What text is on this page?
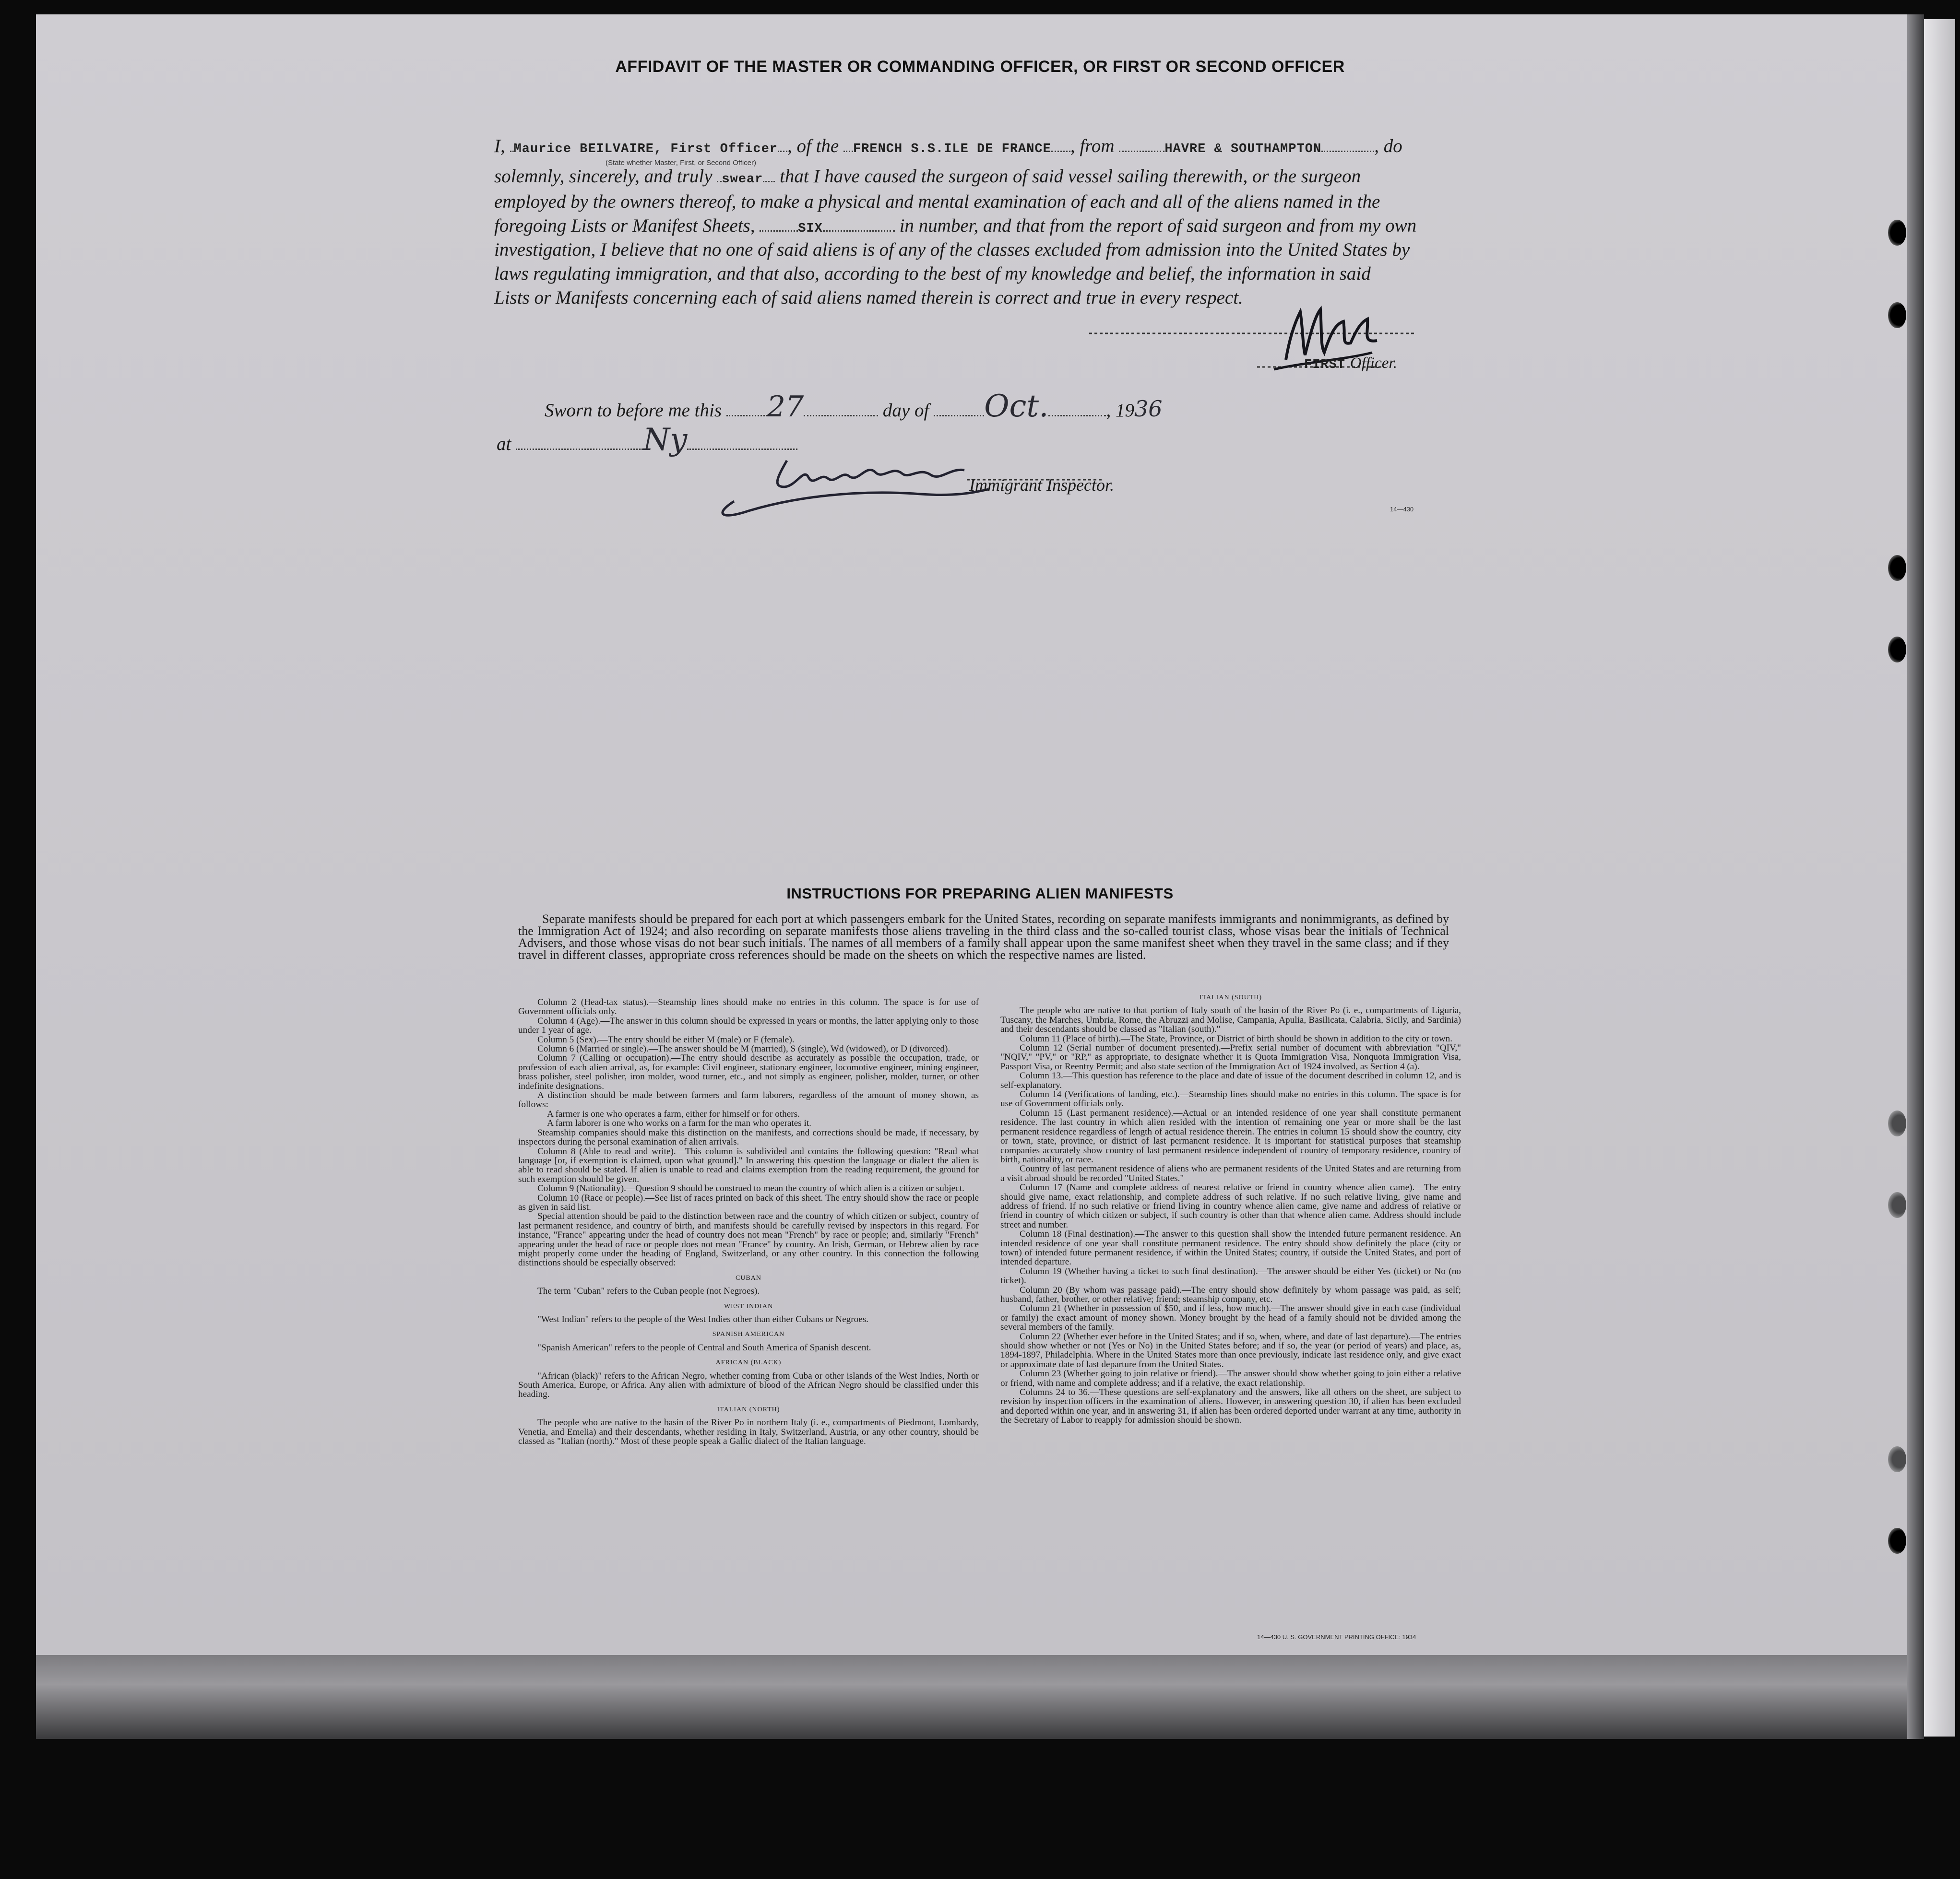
AFFIDAVIT OF THE MASTER OR COMMANDING OFFICER, OR FIRST OR SECOND OFFICER
I, Maurice BEILVAIRE, First Officer , of the FRENCH S.S.ILE DE FRANCE , from	HAVRE & SOUTHAMPTON	, do
(State whether Master, First, or Second Officer)
solemnly, sincerely, and truly swear that I have caused the surgeon of said vessel sailing therewith, or the surgeon
employed by the owners thereof, to make a physical and mental examination of each and all of the aliens named in the
foregoing Lists or Manifest Sheets,	SIX	in number, and that from the report of said surgeon and from my own
investigation, I believe that no one of said aliens is of any of the classes excluded from admission into the United States by
laws regulating immigration, and that also, according to the best of my knowledge and belief, the information in said
Lists or Manifests concerning each of said aliens named therein is correct and true in every respect.
FIRST Officer.
Sworn to before me this 27	day of Oct.	, 1936
at	Ny
Immigrant Inspector.
14—430
INSTRUCTIONS FOR PREPARING ALIEN MANIFESTS
Separate manifests should be prepared for each port at which passengers embark for the United States, recording on separate manifests immigrants and nonimmigrants, as defined by the Immigration Act of 1924; and also recording on separate manifests those aliens traveling in the third class and the so-called tourist class, whose visas bear the initials of Technical Advisers, and those whose visas do not bear such initials. The names of all members of a family shall appear upon the same manifest sheet when they travel in the same class; and if they travel in different classes, appropriate cross references should be made on the sheets on which the respective names are listed.

Column 2 (Head-tax status).—Steamship lines should make no entries in this column. The space is for use of Government officials only.

Column 4 (Age).—The answer in this column should be expressed in years or months, the latter applying only to those under 1 year of age.

Column 5 (Sex).—The entry should be either M (male) or F (female).

Column 6 (Married or single).—The answer should be M (married), S (single), Wd (widowed), or D (divorced).

Column 7 (Calling or occupation).—The entry should describe as accurately as possible the occupation, trade, or profession of each alien arrival, as, for example: Civil engineer, stationary engineer, locomotive engineer, mining engineer, brass polisher, steel polisher, iron molder, wood turner, etc., and not simply as engineer, polisher, molder, turner, or other indefinite designations.

A distinction should be made between farmers and farm laborers, regardless of the amount of money shown, as follows:

A farmer is one who operates a farm, either for himself or for others.

A farm laborer is one who works on a farm for the man who operates it.

Steamship companies should make this distinction on the manifests, and corrections should be made, if necessary, by inspectors during the personal examination of alien arrivals.

Column 8 (Able to read and write).—This column is subdivided and contains the following question: "Read what language [or, if exemption is claimed, upon what ground]." In answering this question the language or dialect the alien is able to read should be stated. If alien is unable to read and claims exemption from the reading requirement, the ground for such exemption should be given.

Column 9 (Nationality).—Question 9 should be construed to mean the country of which alien is a citizen or subject.

Column 10 (Race or people).—See list of races printed on back of this sheet. The entry should show the race or people as given in said list.

Special attention should be paid to the distinction between race and the country of which citizen or subject, country of last permanent residence, and country of birth, and manifests should be carefully revised by inspectors in this regard. For instance, "France" appearing under the head of country does not mean "French" by race or people; and, similarly "French" appearing under the head of race or people does not mean "France" by country. An Irish, German, or Hebrew alien by race might properly come under the heading of England, Switzerland, or any other country. In this connection the following distinctions should be especially observed:

CUBAN

The term "Cuban" refers to the Cuban people (not Negroes).

WEST INDIAN

"West Indian" refers to the people of the West Indies other than either Cubans or Negroes.

SPANISH AMERICAN

"Spanish American" refers to the people of Central and South America of Spanish descent.

AFRICAN (BLACK)

"African (black)" refers to the African Negro, whether coming from Cuba or other islands of the West Indies, North or South America, Europe, or Africa. Any alien with admixture of blood of the African Negro should be classified under this heading.

ITALIAN (NORTH)

The people who are native to the basin of the River Po in northern Italy (i. e., compartments of Piedmont, Lombardy, Venetia, and Emelia) and their descendants, whether residing in Italy, Switzerland, Austria, or any other country, should be classed as "Italian (north)." Most of these people speak a Gallic dialect of the Italian language.

ITALIAN (SOUTH)

The people who are native to that portion of Italy south of the basin of the River Po (i. e., compartments of Liguria, Tuscany, the Marches, Umbria, Rome, the Abruzzi and Molise, Campania, Apulia, Basilicata, Calabria, Sicily, and Sardinia) and their descendants should be classed as "Italian (south)."

Column 11 (Place of birth).—The State, Province, or District of birth should be shown in addition to the city or town.

Column 12 (Serial number of document presented).—Prefix serial number of document with abbreviation "QIV," "NQIV," "PV," or "RP," as appropriate, to designate whether it is Quota Immigration Visa, Nonquota Immigration Visa, Passport Visa, or Reentry Permit; and also state section of the Immigration Act of 1924 involved, as Section 4 (a).

Column 13.—This question has reference to the place and date of issue of the document described in column 12, and is self-explanatory.

Column 14 (Verifications of landing, etc.).—Steamship lines should make no entries in this column. The space is for use of Government officials only.

Column 15 (Last permanent residence).—Actual or an intended residence of one year shall constitute permanent residence. The last country in which alien resided with the intention of remaining one year or more shall be the last permanent residence regardless of length of actual residence therein. The entries in column 15 should show the country, city or town, state, province, or district of last permanent residence. It is important for statistical purposes that steamship companies accurately show country of last permanent residence independent of country of temporary residence, country of birth, nationality, or race.

Country of last permanent residence of aliens who are permanent residents of the United States and are returning from a visit abroad should be recorded "United States."

Column 17 (Name and complete address of nearest relative or friend in country whence alien came).—The entry should give name, exact relationship, and complete address of such relative. If no such relative living, give name and address of friend. If no such relative or friend living in country whence alien came, give name and address of relative or friend in country of which citizen or subject, if such country is other than that whence alien came. Address should include street and number.

Column 18 (Final destination).—The answer to this question shall show the intended future permanent residence. An intended residence of one year shall constitute permanent residence. The entry should show definitely the place (city or town) of intended future permanent residence, if within the United States; country, if outside the United States, and port of intended departure.

Column 19 (Whether having a ticket to such final destination).—The answer should be either Yes (ticket) or No (no ticket).

Column 20 (By whom was passage paid).—The entry should show definitely by whom passage was paid, as self; husband, father, brother, or other relative; friend; steamship company, etc.

Column 21 (Whether in possession of $50, and if less, how much).—The answer should give in each case (individual or family) the exact amount of money shown. Money brought by the head of a family should not be divided among the several members of the family.

Column 22 (Whether ever before in the United States; and if so, when, where, and date of last departure).—The entries should show whether or not (Yes or No) in the United States before; and if so, the year (or period of years) and place, as, 1894-1897, Philadelphia. Where in the United States more than once previously, indicate last residence only, and give exact or approximate date of last departure from the United States.

Column 23 (Whether going to join relative or friend).—The answer should show whether going to join either a relative or friend, with name and complete address; and if a relative, the exact relationship.

Columns 24 to 36.—These questions are self-explanatory and the answers, like all others on the sheet, are subject to revision by inspection officers in the examination of aliens. However, in answering question 30, if alien has been excluded and deported within one year, and in answering 31, if alien has been ordered deported under warrant at any time, authority in the Secretary of Labor to reapply for admission should be shown.

14—430 U. S. GOVERNMENT PRINTING OFFICE: 1934
